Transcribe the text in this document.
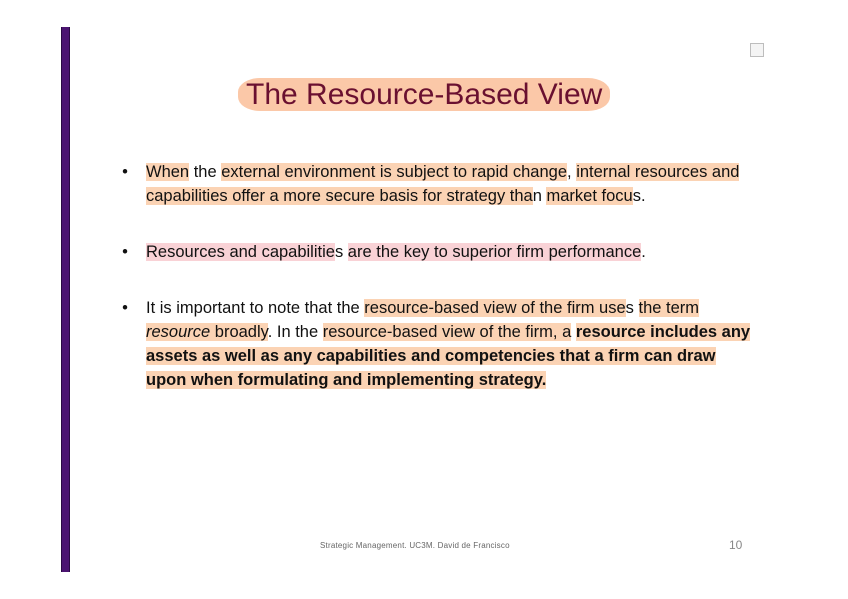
The Resource-Based View
• When the external environment is subject to rapid change, internal resources and capabilities offer a more secure basis for strategy than market focus.
• Resources and capabilities are the key to superior firm performance.
• It is important to note that the resource-based view of the firm uses the term resource broadly. In the resource-based view of the firm, a resource includes any assets as well as any capabilities and competencies that a firm can draw upon when formulating and implementing strategy.
Strategic Management. UC3M. David de Francisco	10
